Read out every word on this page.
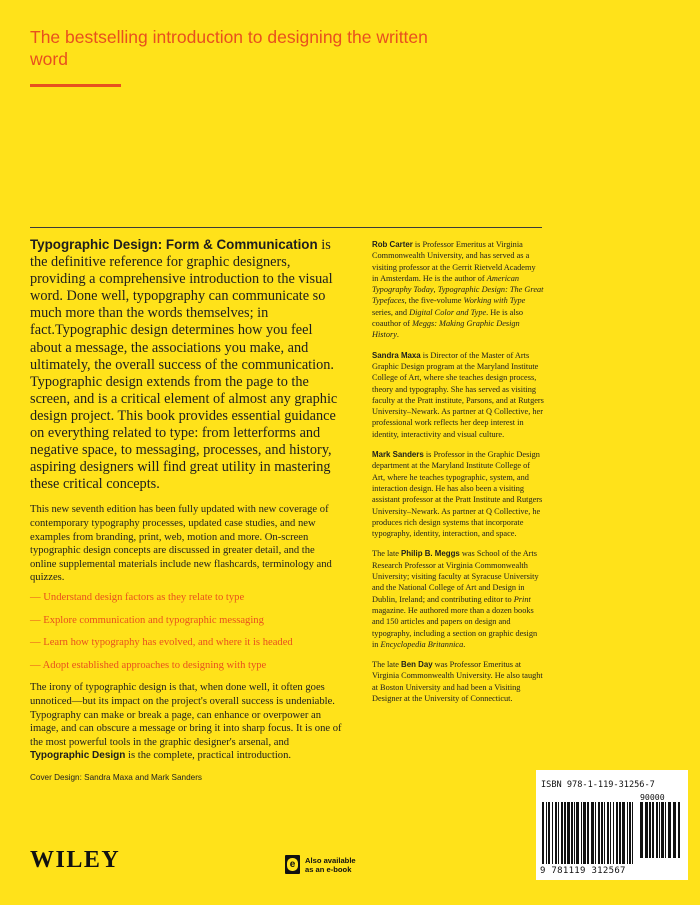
The bestselling introduction to designing the written word

Typographic Design: Form & Communication is the definitive reference for graphic designers, providing a comprehensive introduction to the visual word. Done well, typopgraphy can communicate so much more than the words themselves; in fact.Typographic design determines how you feel about a message, the associations you make, and ultimately, the overall success of the communication. Typographic design extends from the page to the screen, and is a critical element of almost any graphic design project. This book provides essential guidance on everything related to type: from letterforms and negative space, to messaging, processes, and history, aspiring designers will find great utility in mastering these critical concepts.

This new seventh edition has been fully updated with new coverage of contemporary typography processes, updated case studies, and new examples from branding, print, web, motion and more. On-screen typographic design concepts are discussed in greater detail, and the online supplemental materials include new flashcards, terminology and quizzes.

— Understand design factors as they relate to type
— Explore communication and typographic messaging
— Learn how typography has evolved, and where it is headed
— Adopt established approaches to designing with type

The irony of typographic design is that, when done well, it often goes unnoticed—but its impact on the project's overall success is undeniable. Typography can make or break a page, can enhance or overpower an image, and can obscure a message or bring it into sharp focus. It is one of the most powerful tools in the graphic designer's arsenal, and Typographic Design is the complete, practical introduction.

Rob Carter is Professor Emeritus at Virginia Commonwealth University, and has served as a visiting professor at the Gerrit Rietveld Academy in Amsterdam. He is the author of American Typography Today, Typographic Design: The Great Typefaces, the five-volume Working with Type series, and Digital Color and Type. He is also coauthor of Meggs: Making Graphic Design History.

Sandra Maxa is Director of the Master of Arts Graphic Design program at the Maryland Institute College of Art, where she teaches design process, theory and typography. She has served as visiting faculty at the Pratt institute, Parsons, and at Rutgers University–Newark. As partner at Q Collective, her professional work reflects her deep interest in identity, interactivity and visual culture.

Mark Sanders is Professor in the Graphic Design department at the Maryland Institute College of Art, where he teaches typographic, system, and interaction design. He has also been a visiting assistant professor at the Pratt Institute and Rutgers University–Newark. As partner at Q Collective, he produces rich design systems that incorporate typography, identity, interaction, and space.

The late Philip B. Meggs was School of the Arts Research Professor at Virginia Commonwealth University; visiting faculty at Syracuse University and the National College of Art and Design in Dublin, Ireland; and contributing editor to Print magazine. He authored more than a dozen books and 150 articles and papers on design and typography, including a section on graphic design in Encyclopedia Britannica.

The late Ben Day was Professor Emeritus at Virginia Commonwealth University. He also taught at Boston University and had been a Visiting Designer at the University of Connecticut.

Cover Design: Sandra Maxa and Mark Sanders
WILEY	e	Also available
as an e-book
ISBN 978-1-119-31256-7
90000
9 781119 312567
